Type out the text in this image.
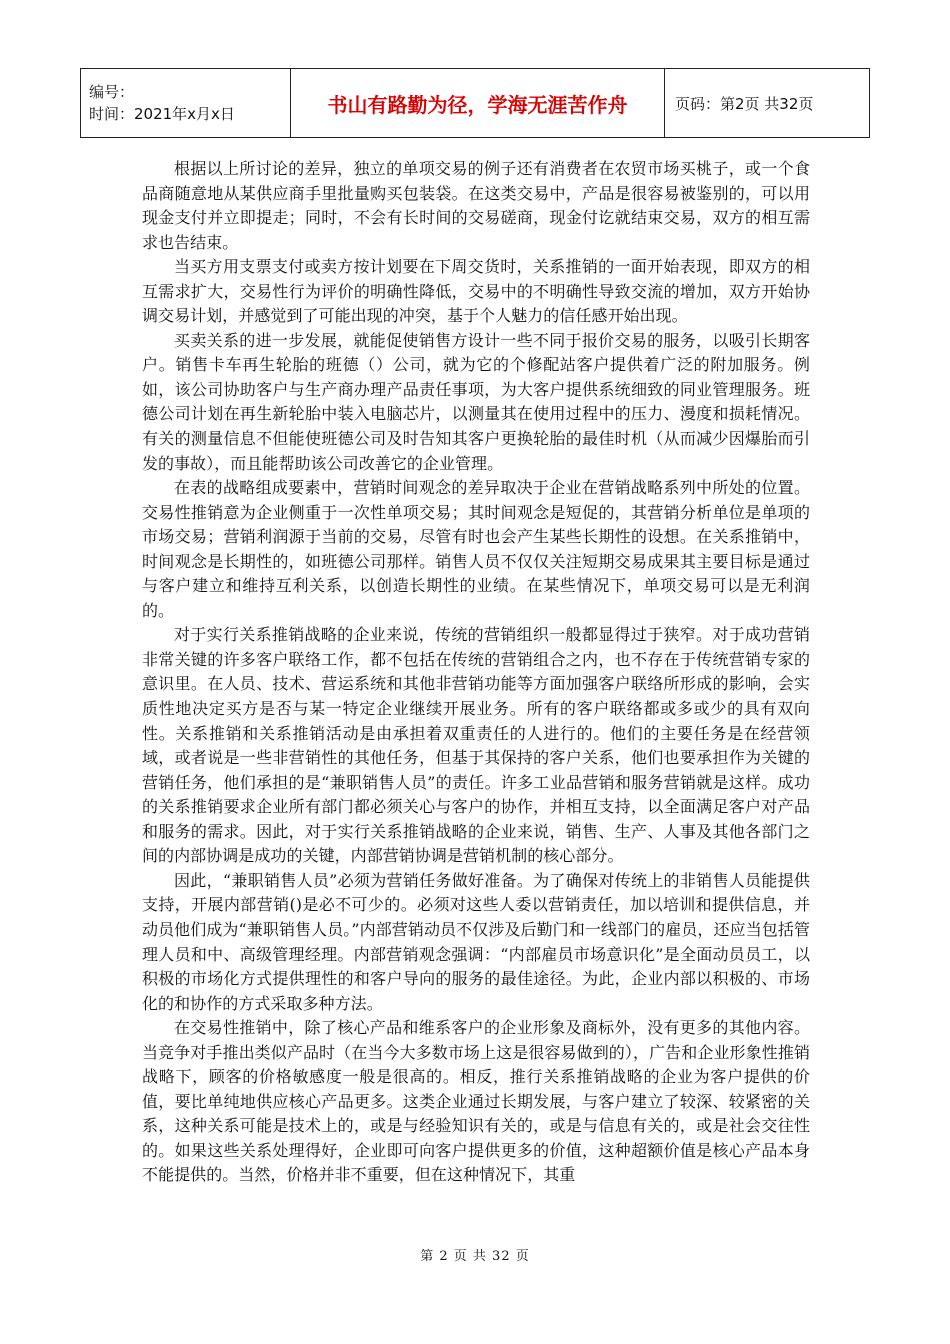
编号：
时间：2021年x月x日	书山有路勤为径，学海无涯苦作舟	页码：第2页 共32页

根据以上所讨论的差异，独立的单项交易的例子还有消费者在农贸市场买桃子，或一个食品商随意地从某供应商手里批量购买包装袋。在这类交易中，产品是很容易被鉴别的，可以用现金支付并立即提走；同时，不会有长时间的交易磋商，现金付讫就结束交易，双方的相互需求也告结束。

当买方用支票支付或卖方按计划要在下周交货时，关系推销的一面开始表现，即双方的相互需求扩大，交易性行为评价的明确性降低，交易中的不明确性导致交流的增加，双方开始协调交易计划，并感觉到了可能出现的冲突，基于个人魅力的信任感开始出现。

买卖关系的进一步发展，就能促使销售方设计一些不同于报价交易的服务，以吸引长期客户。销售卡车再生轮胎的班德（）公司，就为它的个修配站客户提供着广泛的附加服务。例如，该公司协助客户与生产商办理产品责任事项，为大客户提供系统细致的同业管理服务。班德公司计划在再生新轮胎中装入电脑芯片，以测量其在使用过程中的压力、漫度和损耗情况。有关的测量信息不但能使班德公司及时告知其客户更换轮胎的最佳时机（从而减少因爆胎而引发的事故），而且能帮助该公司改善它的企业管理。

在表的战略组成要素中，营销时间观念的差异取决于企业在营销战略系列中所处的位置。交易性推销意为企业侧重于一次性单项交易；其时间观念是短促的，其营销分析单位是单项的市场交易；营销利润源于当前的交易，尽管有时也会产生某些长期性的设想。在关系推销中，时间观念是长期性的，如班德公司那样。销售人员不仅仅关注短期交易成果其主要目标是通过与客户建立和维持互利关系，以创造长期性的业绩。在某些情况下，单项交易可以是无利润的。

对于实行关系推销战略的企业来说，传统的营销组织一般都显得过于狭窄。对于成功营销非常关键的许多客户联络工作，都不包括在传统的营销组合之内，也不存在于传统营销专家的意识里。在人员、技术、营运系统和其他非营销功能等方面加强客户联络所形成的影响，会实质性地决定买方是否与某一特定企业继续开展业务。所有的客户联络都或多或少的具有双向性。关系推销和关系推销活动是由承担着双重责任的人进行的。他们的主要任务是在经营领域，或者说是一些非营销性的其他任务，但基于其保持的客户关系，他们也要承担作为关键的营销任务，他们承担的是“兼职销售人员”的责任。许多工业品营销和服务营销就是这样。成功的关系推销要求企业所有部门都必须关心与客户的协作，并相互支持，以全面满足客户对产品和服务的需求。因此，对于实行关系推销战略的企业来说，销售、生产、人事及其他各部门之间的内部协调是成功的关键，内部营销协调是营销机制的核心部分。

因此，“兼职销售人员”必须为营销任务做好准备。为了确保对传统上的非销售人员能提供支持，开展内部营销()是必不可少的。必须对这些人委以营销责任，加以培训和提供信息，并动员他们成为“兼职销售人员。”内部营销动员不仅涉及后勤门和一线部门的雇员，还应当包括管理人员和中、高级管理经理。内部营销观念强调：“内部雇员市场意识化”是全面动员员工，以积极的市场化方式提供理性的和客户导向的服务的最佳途径。为此，企业内部以积极的、市场化的和协作的方式采取多种方法。

在交易性推销中，除了核心产品和维系客户的企业形象及商标外，没有更多的其他内容。当竞争对手推出类似产品时（在当今大多数市场上这是很容易做到的），广告和企业形象性推销战略下，顾客的价格敏感度一般是很高的。相反，推行关系推销战略的企业为客户提供的价值，要比单纯地供应核心产品更多。这类企业通过长期发展，与客户建立了较深、较紧密的关系，这种关系可能是技术上的，或是与经验知识有关的，或是与信息有关的，或是社会交往性的。如果这些关系处理得好，企业即可向客户提供更多的价值，这种超额价值是核心产品本身不能提供的。当然，价格并非不重要，但在这种情况下，其重

第 2 页 共 32 页
